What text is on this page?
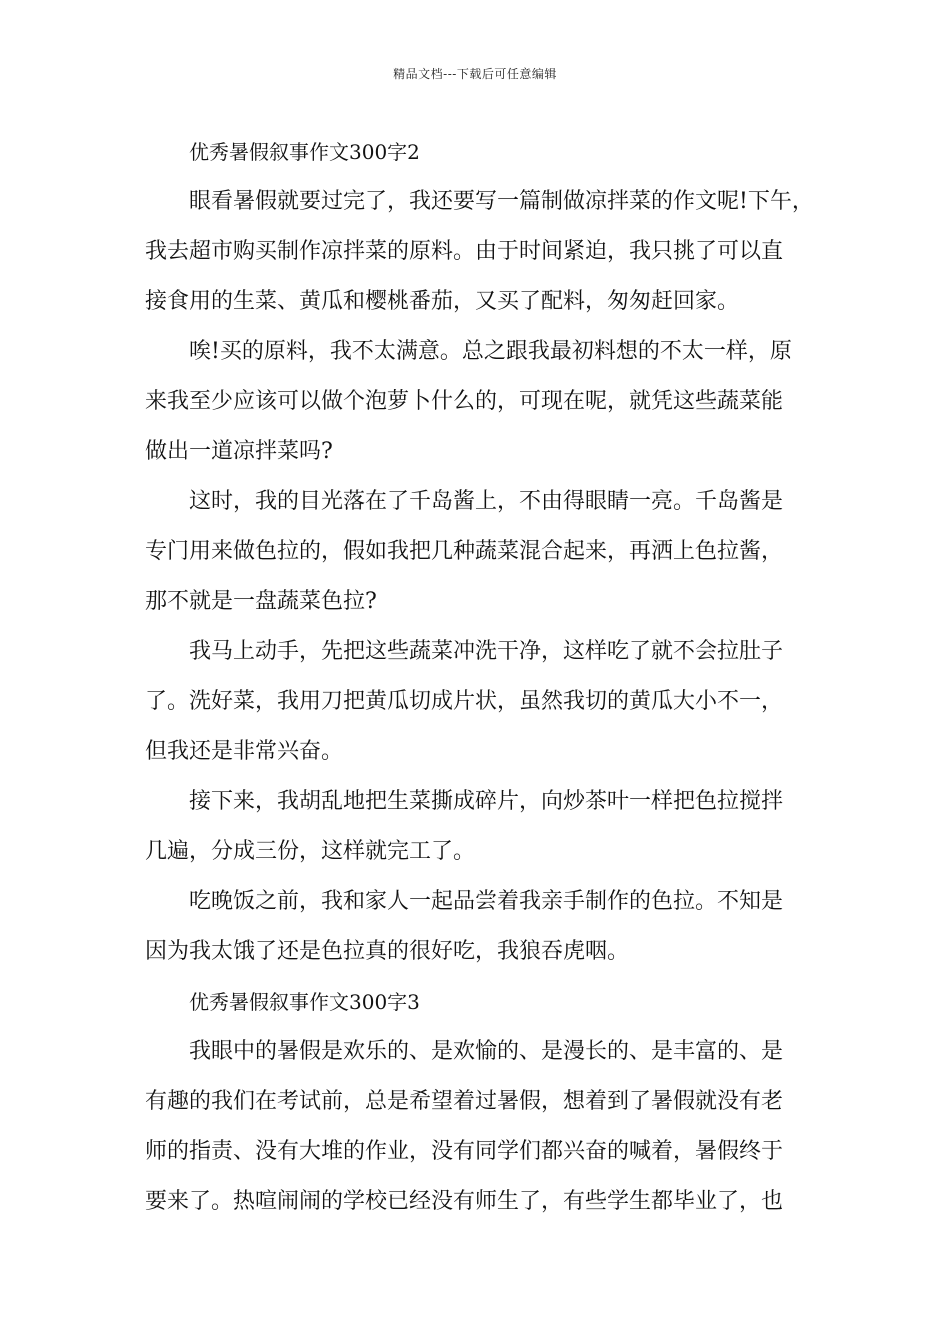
精品文档---下载后可任意编辑
优秀暑假叙事作文300字2
眼看暑假就要过完了，我还要写一篇制做凉拌菜的作文呢!下午，
我去超市购买制作凉拌菜的原料。由于时间紧迫，我只挑了可以直
接食用的生菜、黄瓜和樱桃番茄，又买了配料，匆匆赶回家。
唉!买的原料，我不太满意。总之跟我最初料想的不太一样，原
来我至少应该可以做个泡萝卜什么的，可现在呢，就凭这些蔬菜能
做出一道凉拌菜吗?
这时，我的目光落在了千岛酱上，不由得眼睛一亮。千岛酱是
专门用来做色拉的，假如我把几种蔬菜混合起来，再洒上色拉酱，
那不就是一盘蔬菜色拉?
我马上动手，先把这些蔬菜冲洗干净，这样吃了就不会拉肚子
了。洗好菜，我用刀把黄瓜切成片状，虽然我切的黄瓜大小不一，
但我还是非常兴奋。
接下来，我胡乱地把生菜撕成碎片，向炒茶叶一样把色拉搅拌
几遍，分成三份，这样就完工了。
吃晚饭之前，我和家人一起品尝着我亲手制作的色拉。不知是
因为我太饿了还是色拉真的很好吃，我狼吞虎咽。
优秀暑假叙事作文300字3
我眼中的暑假是欢乐的、是欢愉的、是漫长的、是丰富的、是
有趣的我们在考试前，总是希望着过暑假，想着到了暑假就没有老
师的指责、没有大堆的作业，没有同学们都兴奋的喊着，暑假终于
要来了。热喧闹闹的学校已经没有师生了，有些学生都毕业了，也
